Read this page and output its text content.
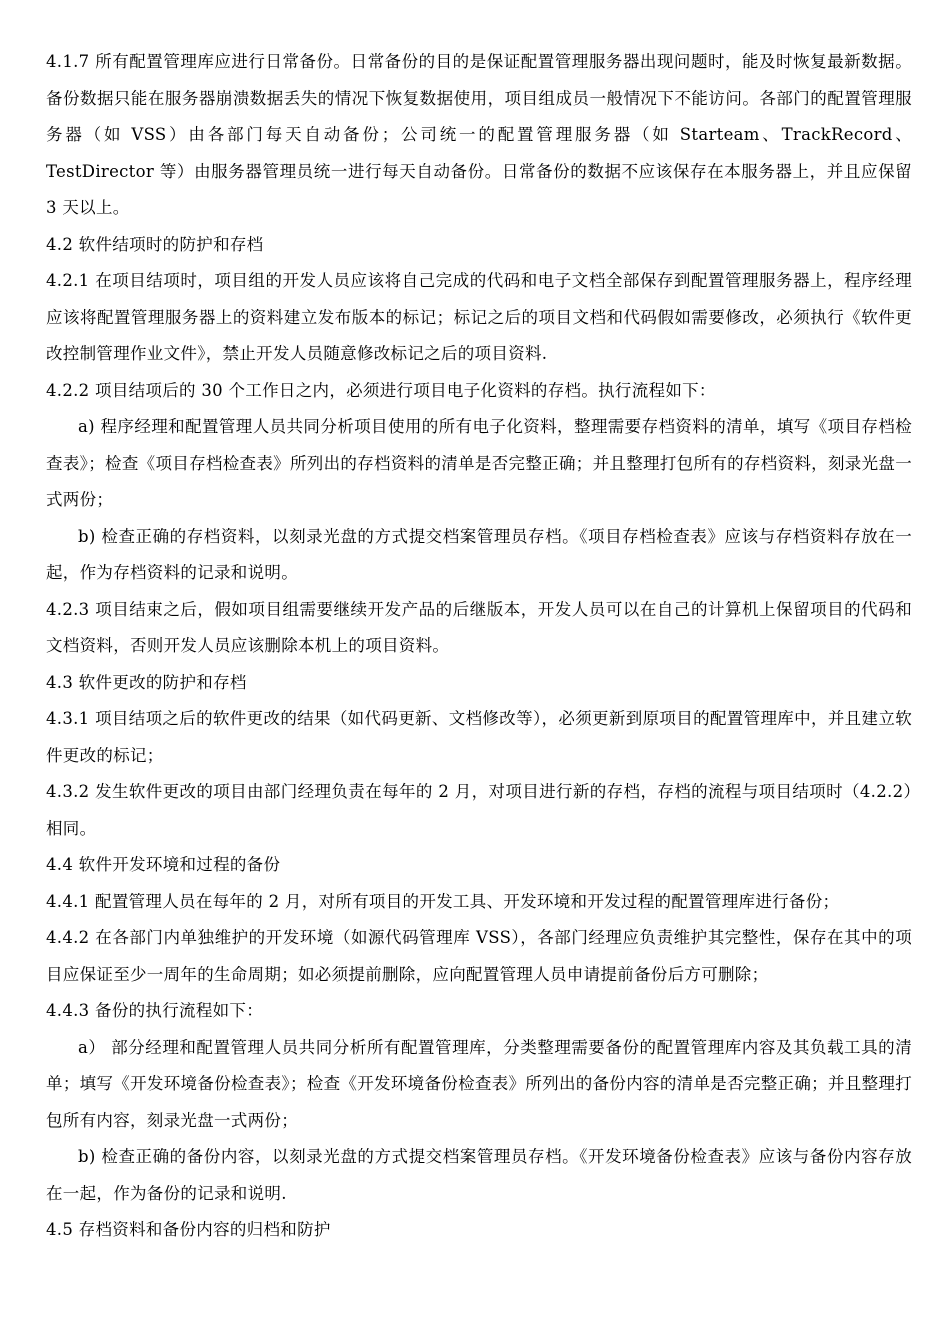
4.1.7 所有配置管理库应进行日常备份。日常备份的目的是保证配置管理服务器出现问题时，能及时恢复最新数据。备份数据只能在服务器崩溃数据丢失的情况下恢复数据使用，项目组成员一般情况下不能访问。各部门的配置管理服务器（如 VSS）由各部门每天自动备份；公司统一的配置管理服务器（如 Starteam、TrackRecord、TestDirector 等）由服务器管理员统一进行每天自动备份。日常备份的数据不应该保存在本服务器上，并且应保留 3 天以上。

4.2 软件结项时的防护和存档

4.2.1 在项目结项时，项目组的开发人员应该将自己完成的代码和电子文档全部保存到配置管理服务器上，程序经理应该将配置管理服务器上的资料建立发布版本的标记；标记之后的项目文档和代码假如需要修改，必须执行《软件更改控制管理作业文件》，禁止开发人员随意修改标记之后的项目资料.

4.2.2 项目结项后的 30 个工作日之内，必须进行项目电子化资料的存档。执行流程如下：

a) 程序经理和配置管理人员共同分析项目使用的所有电子化资料，整理需要存档资料的清单，填写《项目存档检查表》；检查《项目存档检查表》所列出的存档资料的清单是否完整正确；并且整理打包所有的存档资料，刻录光盘一式两份；

b) 检查正确的存档资料，以刻录光盘的方式提交档案管理员存档。《项目存档检查表》应该与存档资料存放在一起，作为存档资料的记录和说明。

4.2.3 项目结束之后，假如项目组需要继续开发产品的后继版本，开发人员可以在自己的计算机上保留项目的代码和文档资料，否则开发人员应该删除本机上的项目资料。

4.3 软件更改的防护和存档

4.3.1 项目结项之后的软件更改的结果（如代码更新、文档修改等），必须更新到原项目的配置管理库中，并且建立软件更改的标记；

4.3.2 发生软件更改的项目由部门经理负责在每年的 2 月，对项目进行新的存档，存档的流程与项目结项时（4.2.2）相同。

4.4 软件开发环境和过程的备份

4.4.1 配置管理人员在每年的 2 月，对所有项目的开发工具、开发环境和开发过程的配置管理库进行备份；

4.4.2 在各部门内单独维护的开发环境（如源代码管理库 VSS），各部门经理应负责维护其完整性，保存在其中的项目应保证至少一周年的生命周期；如必须提前删除，应向配置管理人员申请提前备份后方可删除；

4.4.3 备份的执行流程如下：

a） 部分经理和配置管理人员共同分析所有配置管理库，分类整理需要备份的配置管理库内容及其负载工具的清单；填写《开发环境备份检查表》；检查《开发环境备份检查表》所列出的备份内容的清单是否完整正确；并且整理打包所有内容，刻录光盘一式两份；

b) 检查正确的备份内容，以刻录光盘的方式提交档案管理员存档。《开发环境备份检查表》应该与备份内容存放在一起，作为备份的记录和说明.

4.5 存档资料和备份内容的归档和防护
